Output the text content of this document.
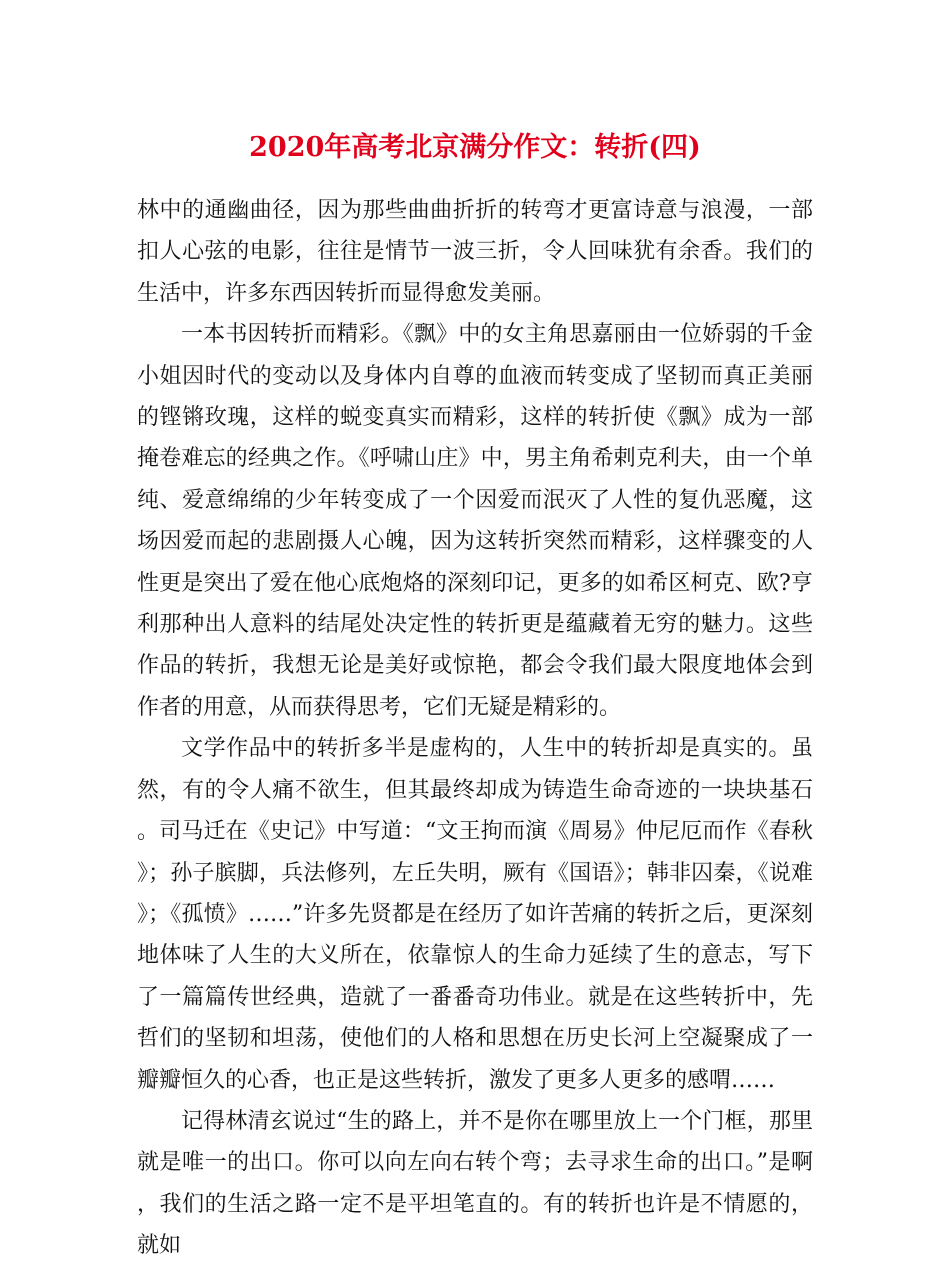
2020年高考北京满分作文：转折(四)

林中的通幽曲径，因为那些曲曲折折的转弯才更富诗意与浪漫，一部扣人心弦的电影，往往是情节一波三折，令人回味犹有余香。我们的生活中，许多东西因转折而显得愈发美丽。

一本书因转折而精彩。《飘》中的女主角思嘉丽由一位娇弱的千金小姐因时代的变动以及身体内自尊的血液而转变成了坚韧而真正美丽的铿锵玫瑰，这样的蜕变真实而精彩，这样的转折使《飘》成为一部掩卷难忘的经典之作。《呼啸山庄》中，男主角希剌克利夫，由一个单纯、爱意绵绵的少年转变成了一个因爱而泯灭了人性的复仇恶魔，这场因爱而起的悲剧摄人心魄，因为这转折突然而精彩，这样骤变的人性更是突出了爱在他心底炮烙的深刻印记，更多的如希区柯克、欧?亨利那种出人意料的结尾处决定性的转折更是蕴藏着无穷的魅力。这些作品的转折，我想无论是美好或惊艳，都会令我们最大限度地体会到作者的用意，从而获得思考，它们无疑是精彩的。

文学作品中的转折多半是虚构的，人生中的转折却是真实的。虽然，有的令人痛不欲生，但其最终却成为铸造生命奇迹的一块块基石。司马迁在《史记》中写道：“文王拘而演《周易》仲尼厄而作《春秋》；孙子膑脚，兵法修列，左丘失明，厥有《国语》；韩非囚秦，《说难》；《孤愤》……”许多先贤都是在经历了如许苦痛的转折之后，更深刻地体味了人生的大义所在，依靠惊人的生命力延续了生的意志，写下了一篇篇传世经典，造就了一番番奇功伟业。就是在这些转折中，先哲们的坚韧和坦荡，使他们的人格和思想在历史长河上空凝聚成了一瓣瓣恒久的心香，也正是这些转折，激发了更多人更多的感喟……

记得林清玄说过“生的路上，并不是你在哪里放上一个门框，那里就是唯一的出口。你可以向左向右转个弯；去寻求生命的出口。”是啊，我们的生活之路一定不是平坦笔直的。有的转折也许是不情愿的，就如
